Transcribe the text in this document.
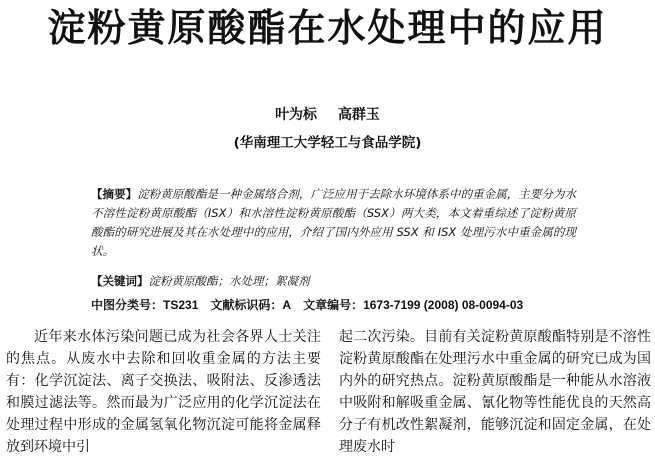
淀粉黄原酸酯在水处理中的应用
叶为标 高群玉
(华南理工大学轻工与食品学院)
【摘要】淀粉黄原酸酯是一种金属络合剂，广泛应用于去除水环境体系中的重金属，主要分为水不溶性淀粉黄原酸酯（ISX）和水溶性淀粉黄原酸酯（SSX）两大类，本文着重综述了淀粉黄原酸酯的研究进展及其在水处理中的应用，介绍了国内外应用 SSX 和 ISX 处理污水中重金属的现状。
【关键词】淀粉黄原酸酯；水处理；絮凝剂
中图分类号：TS231 文献标识码：A 文章编号：1673-7199 (2008) 08-0094-03

近年来水体污染问题已成为社会各界人士关注的焦点。从废水中去除和回收重金属的方法主要有：化学沉淀法、离子交换法、吸附法、反渗透法和膜过滤法等。然而最为广泛应用的化学沉淀法在处理过程中形成的金属氢氧化物沉淀可能将金属释放到环境中引

起二次污染。目前有关淀粉黄原酸酯特别是不溶性淀粉黄原酸酯在处理污水中重金属的研究已成为国内外的研究热点。淀粉黄原酸酯是一种能从水溶液中吸附和解吸重金属、氰化物等性能优良的天然高分子有机改性絮凝剂，能够沉淀和固定金属，在处理废水时
